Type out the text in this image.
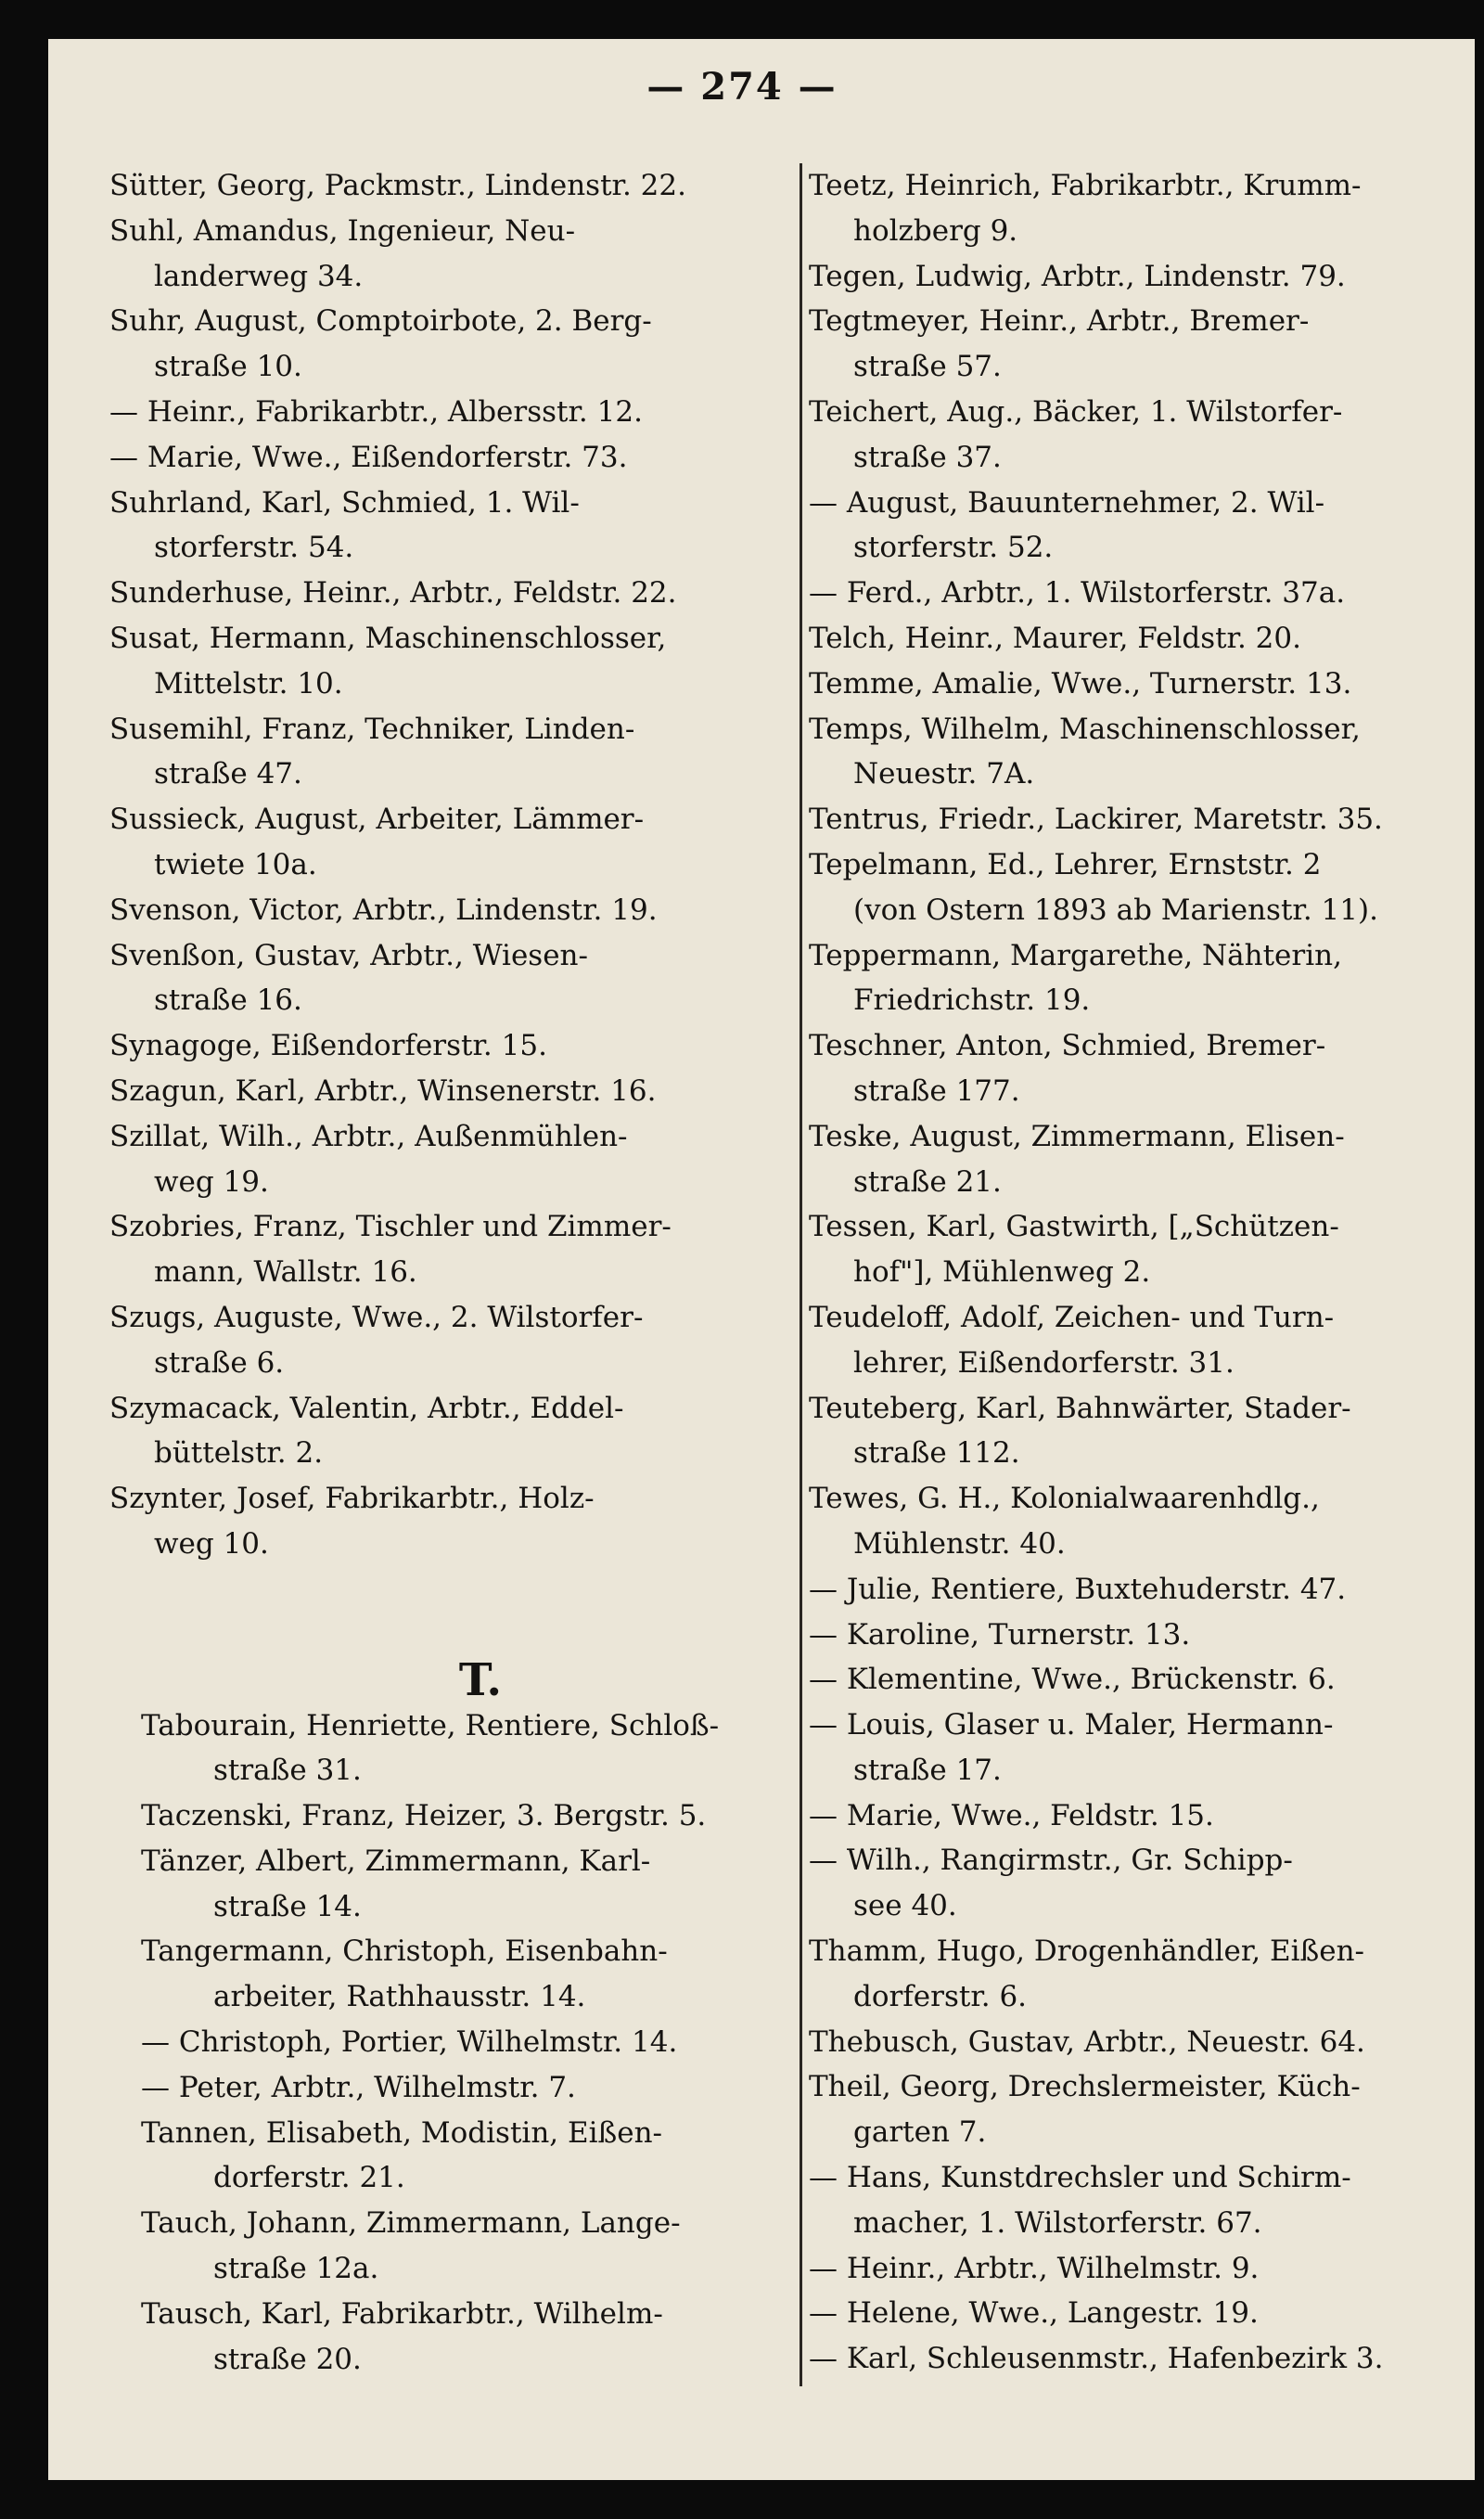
— 274 —
Sütter, Georg, Packmstr., Lindenstr. 22.
Suhl, Amandus, Ingenieur, Neu-
landerweg 34.
Suhr, August, Comptoirbote, 2. Berg-
straße 10.
— Heinr., Fabrikarbtr., Albersstr. 12.
— Marie, Wwe., Eißendorferstr. 73.
Suhrland, Karl, Schmied, 1. Wil-
storferstr. 54.
Sunderhuse, Heinr., Arbtr., Feldstr. 22.
Susat, Hermann, Maschinenschlosser,
Mittelstr. 10.
Susemihl, Franz, Techniker, Linden-
straße 47.
Sussieck, August, Arbeiter, Lämmer-
twiete 10a.
Svenson, Victor, Arbtr., Lindenstr. 19.
Svenßon, Gustav, Arbtr., Wiesen-
straße 16.
Synagoge, Eißendorferstr. 15.
Szagun, Karl, Arbtr., Winsenerstr. 16.
Szillat, Wilh., Arbtr., Außenmühlen-
weg 19.
Szobries, Franz, Tischler und Zimmer-
mann, Wallstr. 16.
Szugs, Auguste, Wwe., 2. Wilstorfer-
straße 6.
Szymacack, Valentin, Arbtr., Eddel-
büttelstr. 2.
Szynter, Josef, Fabrikarbtr., Holz-
weg 10.
T.
Tabourain, Henriette, Rentiere, Schloß-
straße 31.
Taczenski, Franz, Heizer, 3. Bergstr. 5.
Tänzer, Albert, Zimmermann, Karl-
straße 14.
Tangermann, Christoph, Eisenbahn-
arbeiter, Rathhausstr. 14.
— Christoph, Portier, Wilhelmstr. 14.
— Peter, Arbtr., Wilhelmstr. 7.
Tannen, Elisabeth, Modistin, Eißen-
dorferstr. 21.
Tauch, Johann, Zimmermann, Lange-
straße 12a.
Tausch, Karl, Fabrikarbtr., Wilhelm-
straße 20.
Teetz, Heinrich, Fabrikarbtr., Krumm-
holzberg 9.
Tegen, Ludwig, Arbtr., Lindenstr. 79.
Tegtmeyer, Heinr., Arbtr., Bremer-
straße 57.
Teichert, Aug., Bäcker, 1. Wilstorfer-
straße 37.
— August, Bauunternehmer, 2. Wil-
storferstr. 52.
— Ferd., Arbtr., 1. Wilstorferstr. 37a.
Telch, Heinr., Maurer, Feldstr. 20.
Temme, Amalie, Wwe., Turnerstr. 13.
Temps, Wilhelm, Maschinenschlosser,
Neuestr. 7A.
Tentrus, Friedr., Lackirer, Maretstr. 35.
Tepelmann, Ed., Lehrer, Ernststr. 2
(von Ostern 1893 ab Marienstr. 11).
Teppermann, Margarethe, Nähterin,
Friedrichstr. 19.
Teschner, Anton, Schmied, Bremer-
straße 177.
Teske, August, Zimmermann, Elisen-
straße 21.
Tessen, Karl, Gastwirth, [„Schützen-
hof"], Mühlenweg 2.
Teudeloff, Adolf, Zeichen- und Turn-
lehrer, Eißendorferstr. 31.
Teuteberg, Karl, Bahnwärter, Stader-
straße 112.
Tewes, G. H., Kolonialwaarenhdlg.,
Mühlenstr. 40.
— Julie, Rentiere, Buxtehuderstr. 47.
— Karoline, Turnerstr. 13.
— Klementine, Wwe., Brückenstr. 6.
— Louis, Glaser u. Maler, Hermann-
straße 17.
— Marie, Wwe., Feldstr. 15.
— Wilh., Rangirmstr., Gr. Schipp-
see 40.
Thamm, Hugo, Drogenhändler, Eißen-
dorferstr. 6.
Thebusch, Gustav, Arbtr., Neuestr. 64.
Theil, Georg, Drechslermeister, Küch-
garten 7.
— Hans, Kunstdrechsler und Schirm-
macher, 1. Wilstorferstr. 67.
— Heinr., Arbtr., Wilhelmstr. 9.
— Helene, Wwe., Langestr. 19.
— Karl, Schleusenmstr., Hafenbezirk 3.
